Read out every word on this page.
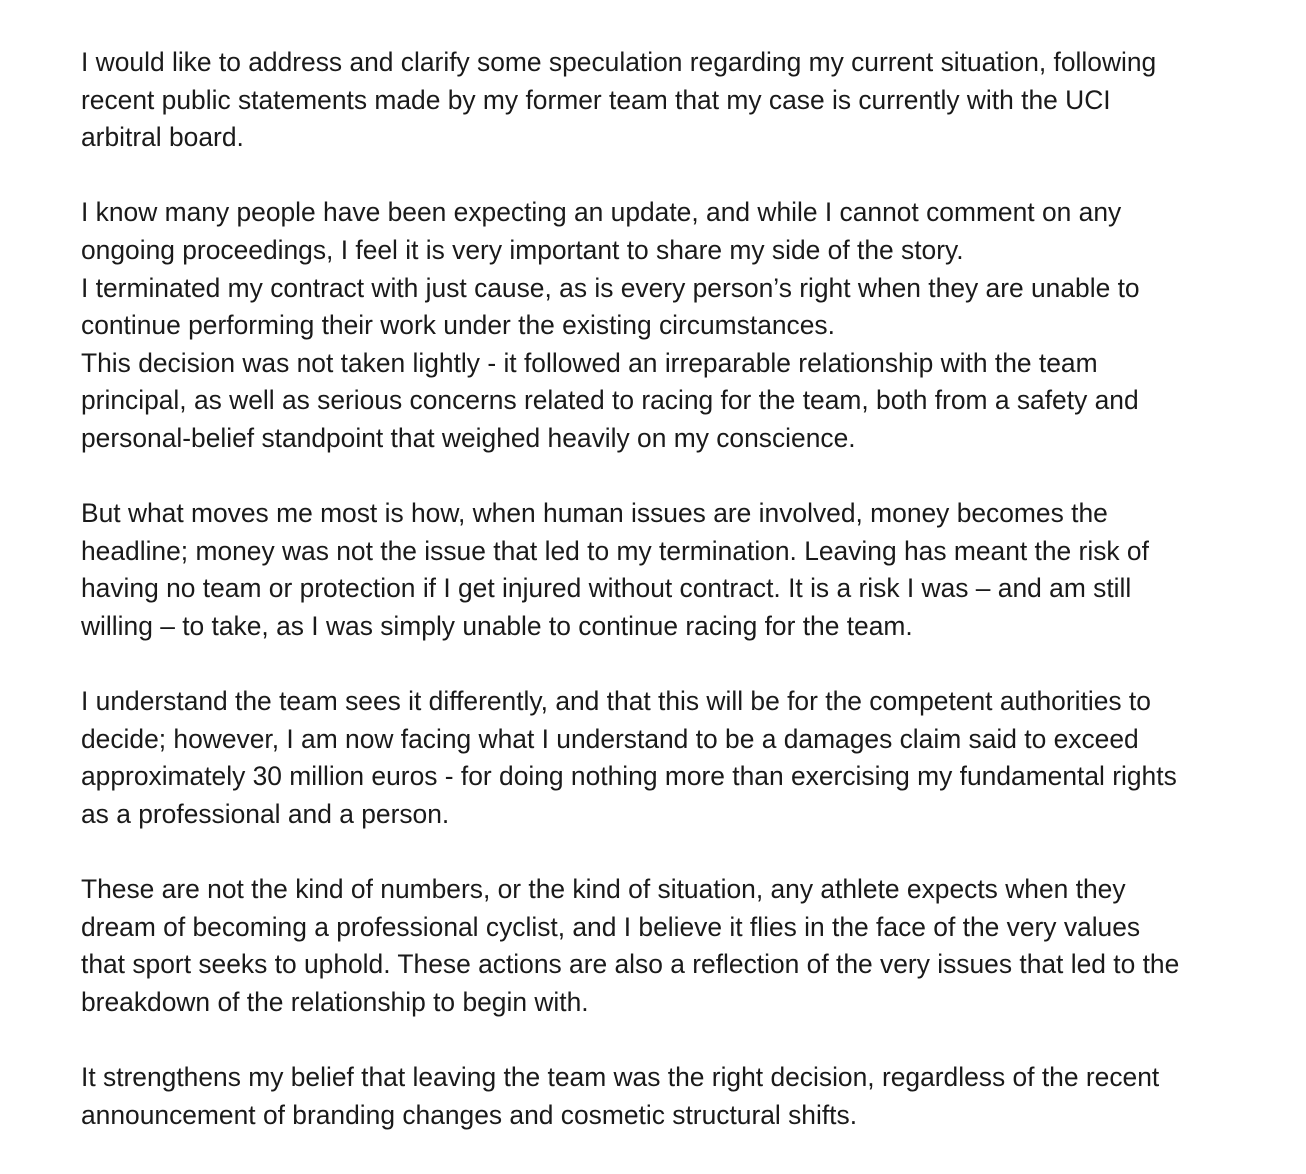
I would like to address and clarify some speculation regarding my current situation, following
recent public statements made by my former team that my case is currently with the UCI
arbitral board.

I know many people have been expecting an update, and while I cannot comment on any
ongoing proceedings, I feel it is very important to share my side of the story.
I terminated my contract with just cause, as is every person’s right when they are unable to
continue performing their work under the existing circumstances.
This decision was not taken lightly - it followed an irreparable relationship with the team
principal, as well as serious concerns related to racing for the team, both from a safety and
personal-belief standpoint that weighed heavily on my conscience.

But what moves me most is how, when human issues are involved, money becomes the
headline; money was not the issue that led to my termination. Leaving has meant the risk of
having no team or protection if I get injured without contract. It is a risk I was – and am still
willing – to take, as I was simply unable to continue racing for the team.

I understand the team sees it differently, and that this will be for the competent authorities to
decide; however, I am now facing what I understand to be a damages claim said to exceed
approximately 30 million euros - for doing nothing more than exercising my fundamental rights
as a professional and a person.

These are not the kind of numbers, or the kind of situation, any athlete expects when they
dream of becoming a professional cyclist, and I believe it flies in the face of the very values
that sport seeks to uphold. These actions are also a reflection of the very issues that led to the
breakdown of the relationship to begin with.

It strengthens my belief that leaving the team was the right decision, regardless of the recent
announcement of branding changes and cosmetic structural shifts.
